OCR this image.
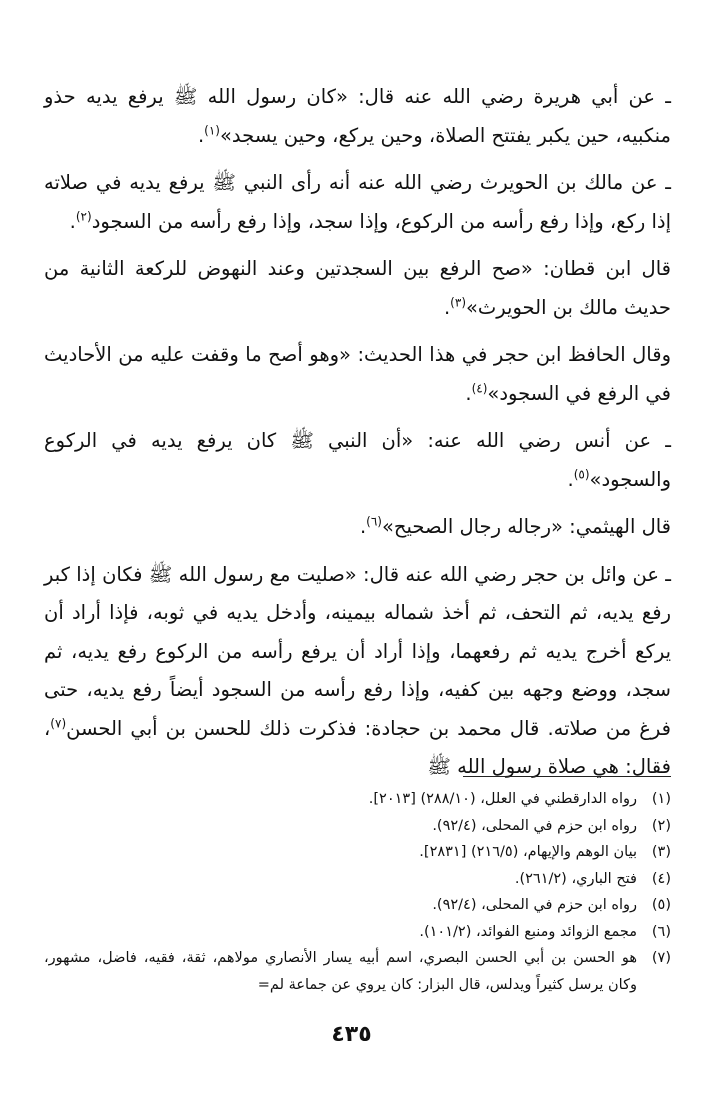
ـ عن أبي هريرة رضي الله عنه قال: «كان رسول الله ﷺ يرفع يديه حذو منكبيه، حين يكبر يفتتح الصلاة، وحين يركع، وحين يسجد»$^{(١)}$.

ـ عن مالك بن الحويرث رضي الله عنه أنه رأى النبي ﷺ يرفع يديه في صلاته إذا ركع، وإذا رفع رأسه من الركوع، وإذا سجد، وإذا رفع رأسه من السجود$^{(٢)}$.

قال ابن قطان: «صح الرفع بين السجدتين وعند النهوض للركعة الثانية من حديث مالك بن الحويرث»$^{(٣)}$.

وقال الحافظ ابن حجر في هذا الحديث: «وهو أصح ما وقفت عليه من الأحاديث في الرفع في السجود»$^{(٤)}$.

ـ عن أنس رضي الله عنه: «أن النبي ﷺ كان يرفع يديه في الركوع والسجود»$^{(٥)}$.

قال الهيثمي: «رجاله رجال الصحيح»$^{(٦)}$.

ـ عن وائل بن حجر رضي الله عنه قال: «صليت مع رسول الله ﷺ فكان إذا كبر رفع يديه، ثم التحف، ثم أخذ شماله بيمينه، وأدخل يديه في ثوبه، فإذا أراد أن يركع أخرج يديه ثم رفعهما، وإذا أراد أن يرفع رأسه من الركوع رفع يديه، ثم سجد، ووضع وجهه بين كفيه، وإذا رفع رأسه من السجود أيضاً رفع يديه، حتى فرغ من صلاته. قال محمد بن حجادة: فذكرت ذلك للحسن بن أبي الحسن$^{(٧)}$، فقال: هي صلاة رسول الله ﷺ

(١)
رواه الدارقطني في العلل، (٢٨٨/١٠) [٢٠١٣].
(٢)
رواه ابن حزم في المحلى، (٩٢/٤).
(٣)
بيان الوهم والإيهام، (٢١٦/٥) [٢٨٣١].
(٤)
فتح الباري، (٢٦١/٢).
(٥)
رواه ابن حزم في المحلى، (٩٢/٤).
(٦)
مجمع الزوائد ومنبع الفوائد، (١٠١/٢).
(٧)
هو الحسن بن أبي الحسن البصري، اسم أبيه يسار الأنصاري مولاهم، ثقة، فقيه، فاضل، مشهور، وكان يرسل كثيراً ويدلس، قال البزار: كان يروي عن جماعة لم=
٤٣٥
